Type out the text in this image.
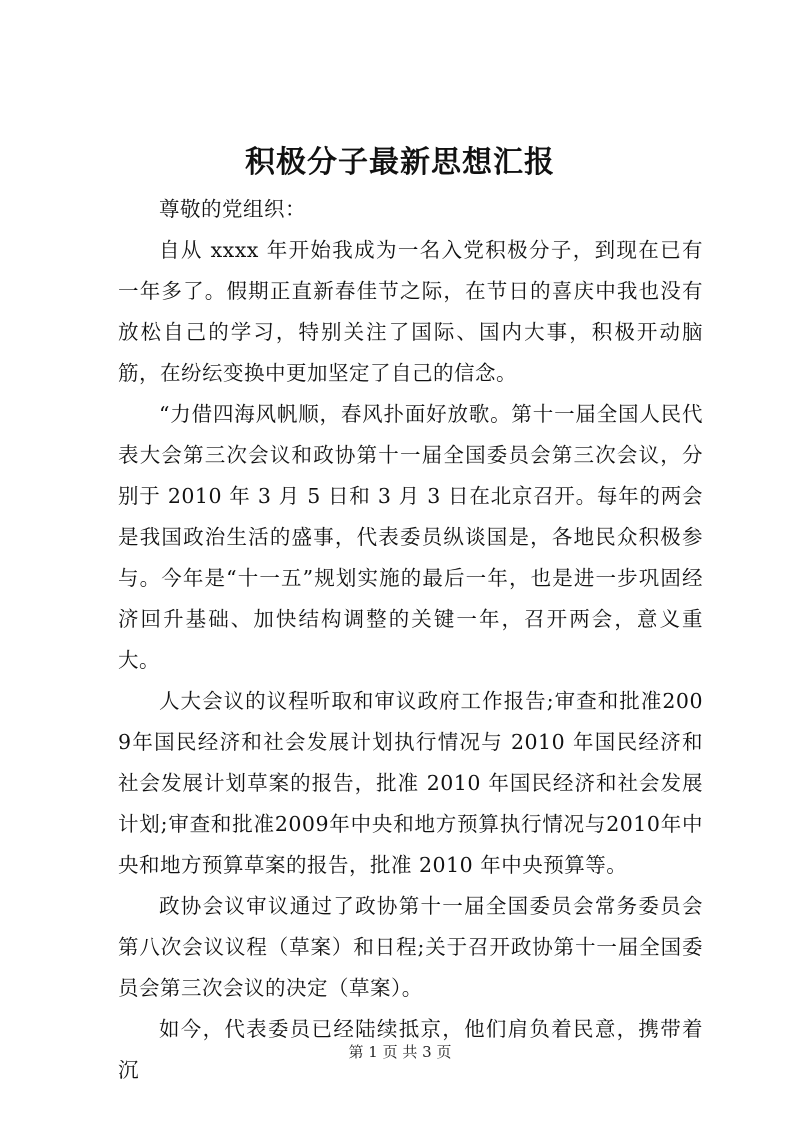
积极分子最新思想汇报

尊敬的党组织：

自从 xxxx 年开始我成为一名入党积极分子，到现在已有一年多了。假期正直新春佳节之际，在节日的喜庆中我也没有放松自己的学习，特别关注了国际、国内大事，积极开动脑筋，在纷纭变换中更加坚定了自己的信念。

“力借四海风帆顺，春风扑面好放歌。第十一届全国人民代表大会第三次会议和政协第十一届全国委员会第三次会议，分别于 2010 年 3 月 5 日和 3 月 3 日在北京召开。每年的两会是我国政治生活的盛事，代表委员纵谈国是，各地民众积极参与。今年是“十一五”规划实施的最后一年，也是进一步巩固经济回升基础、加快结构调整的关键一年，召开两会，意义重大。

人大会议的议程听取和审议政府工作报告;审查和批准2009年国民经济和社会发展计划执行情况与 2010 年国民经济和社会发展计划草案的报告，批准 2010 年国民经济和社会发展计划;审查和批准2009年中央和地方预算执行情况与2010年中央和地方预算草案的报告，批准 2010 年中央预算等。

政协会议审议通过了政协第十一届全国委员会常务委员会第八次会议议程（草案）和日程;关于召开政协第十一届全国委员会第三次会议的决定（草案）。

如今，代表委员已经陆续抵京，他们肩负着民意，携带着沉

第 1 页 共 3 页
